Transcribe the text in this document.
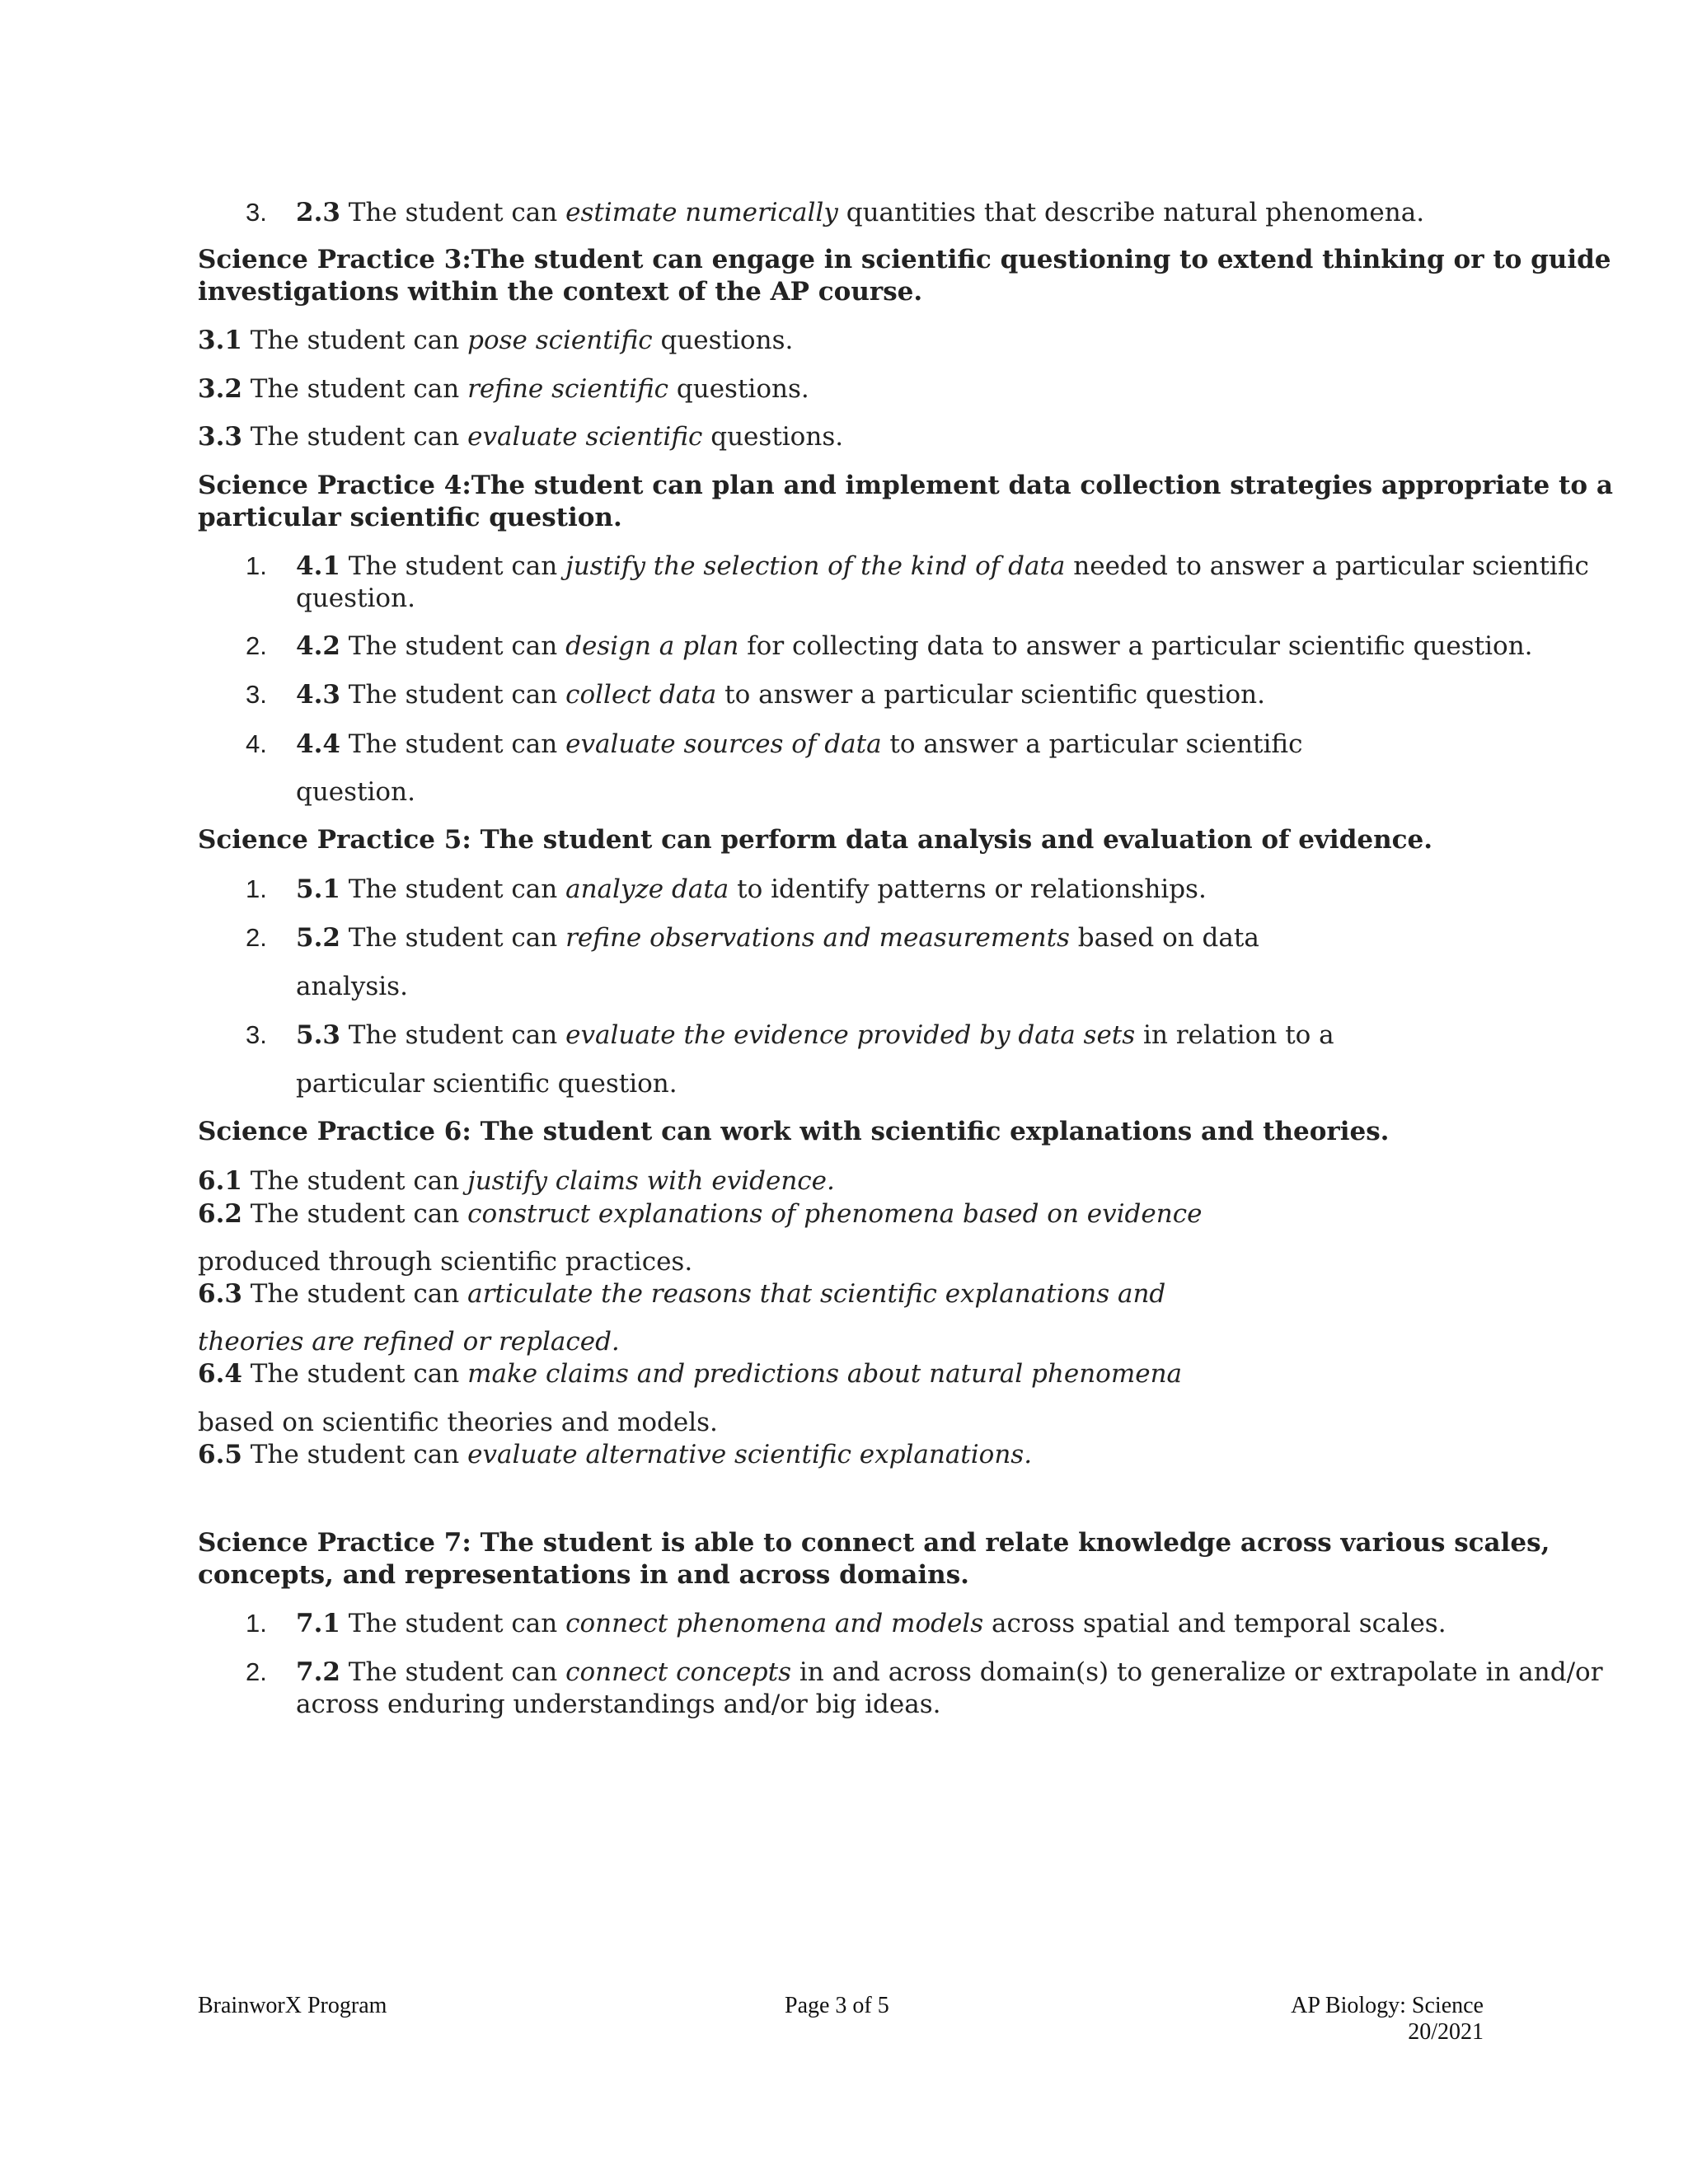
3. 2.3 The student can estimate numerically quantities that describe natural phenomena.
Science Practice 3:The student can engage in scientific questioning to extend thinking or to guide
investigations within the context of the AP course.
3.1 The student can pose scientific questions.
3.2 The student can refine scientific questions.
3.3 The student can evaluate scientific questions.
Science Practice 4:The student can plan and implement data collection strategies appropriate to a
particular scientific question.
1. 4.1 The student can justify the selection of the kind of data needed to answer a particular scientific
question.
2. 4.2 The student can design a plan for collecting data to answer a particular scientific question.
3. 4.3 The student can collect data to answer a particular scientific question.
4. 4.4 The student can evaluate sources of data to answer a particular scientific
question.
Science Practice 5: The student can perform data analysis and evaluation of evidence.
1. 5.1 The student can analyze data to identify patterns or relationships.
2. 5.2 The student can refine observations and measurements based on data
analysis.
3. 5.3 The student can evaluate the evidence provided by data sets in relation to a
particular scientific question.
Science Practice 6: The student can work with scientific explanations and theories.
6.1 The student can justify claims with evidence.
6.2 The student can construct explanations of phenomena based on evidence
produced through scientific practices.
6.3 The student can articulate the reasons that scientific explanations and
theories are refined or replaced.
6.4 The student can make claims and predictions about natural phenomena
based on scientific theories and models.
6.5 The student can evaluate alternative scientific explanations.
Science Practice 7: The student is able to connect and relate knowledge across various scales,
concepts, and representations in and across domains.
1. 7.1 The student can connect phenomena and models across spatial and temporal scales.
2. 7.2 The student can connect concepts in and across domain(s) to generalize or extrapolate in and/or
across enduring understandings and/or big ideas.
BrainworX Program	Page 3 of 5	AP Biology: Science
20/2021
